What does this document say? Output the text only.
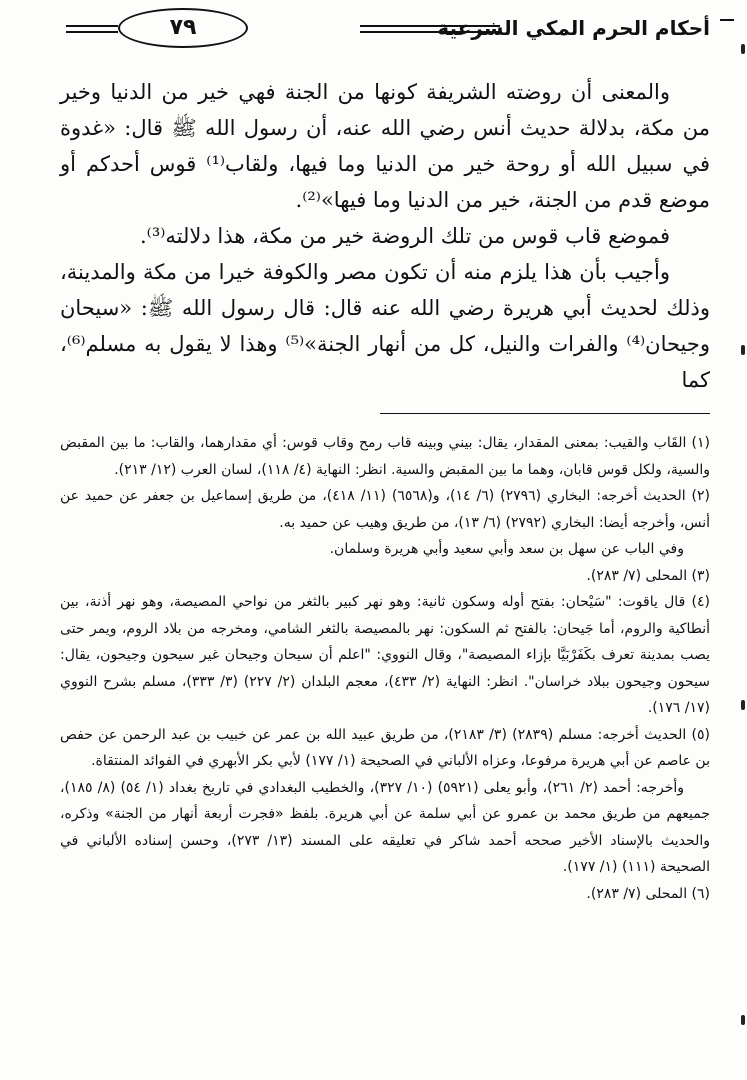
٧٩	أحكام الحرم المكي الشرعية

والمعنى أن روضته الشريفة كونها من الجنة فهي خير من الدنيا وخير من مكة، بدلالة حديث أنس رضي الله عنه، أن رسول الله ﷺ قال: «غدوة في سبيل الله أو روحة خير من الدنيا وما فيها، ولقاب⁽¹⁾ قوس أحدكم أو موضع قدم من الجنة، خير من الدنيا وما فيها»⁽²⁾.

فموضع قاب قوس من تلك الروضة خير من مكة، هذا دلالته⁽³⁾.

وأجيب بأن هذا يلزم منه أن تكون مصر والكوفة خيرا من مكة والمدينة، وذلك لحديث أبي هريرة رضي الله عنه قال: قال رسول الله ﷺ: «سيحان وجيحان⁽⁴⁾ والفرات والنيل، كل من أنهار الجنة»⁽⁵⁾ وهذا لا يقول به مسلم⁽⁶⁾، كما

(١) القَاب والقيب: بمعنى المقدار، يقال: بيني وبينه قاب رمح وقاب قوس: أي مقدارهما، والقاب: ما بين المقبض والسية، ولكل قوس قابان، وهما ما بين المقبض والسية. انظر: النهاية (٤/ ١١٨)، لسان العرب (١٢/ ٢١٣).

(٢) الحديث أخرجه: البخاري (٢٧٩٦) (٦/ ١٤)، و(٦٥٦٨) (١١/ ٤١٨)، من طريق إسماعيل بن جعفر عن حميد عن أنس، وأخرجه أيضا: البخاري (٢٧٩٢) (٦/ ١٣)، من طريق وهيب عن حميد به.

وفي الباب عن سهل بن سعد وأبي سعيد وأبي هريرة وسلمان.

(٣) المحلى (٧/ ٢٨٣).

(٤) قال ياقوت: "سَيْحان: بفتح أوله وسكون ثانية: وهو نهر كبير بالثغر من نواحي المصيصة، وهو نهر أذنة، بين أنطاكية والروم، أما جَيحان: بالفتح ثم السكون: نهر بالمصيصة بالثغر الشامي، ومخرجه من بلاد الروم، ويمر حتى يصب بمدينة تعرف بكَفَرْبَيَّا بإزاء المصيصة"، وقال النووي: "اعلم أن سيحان وجيحان غير سيحون وجيحون، يقال: سيحون وجيحون ببلاد خراسان". انظر: النهاية (٢/ ٤٣٣)، معجم البلدان (٢/ ٢٢٧) (٣/ ٣٣٣)، مسلم بشرح النووي (١٧/ ١٧٦).

(٥) الحديث أخرجه: مسلم (٢٨٣٩) (٣/ ٢١٨٣)، من طريق عبيد الله بن عمر عن خبيب بن عبد الرحمن عن حفص بن عاصم عن أبي هريرة مرفوعا، وعزاه الألباني في الصحيحة (١/ ١٧٧) لأبي بكر الأبهري في الفوائد المنتقاة.

وأخرجه: أحمد (٢/ ٢٦١)، وأبو يعلى (٥٩٢١) (١٠/ ٣٢٧)، والخطيب البغدادي في تاريخ بغداد (١/ ٥٤) (٨/ ١٨٥)، جميعهم من طريق محمد بن عمرو عن أبي سلمة عن أبي هريرة. بلفظ «فجرت أربعة أنهار من الجنة» وذكره، والحديث بالإسناد الأخير صححه أحمد شاكر في تعليقه على المسند (١٣/ ٢٧٣)، وحسن إسناده الألباني في الصحيحة (١١١) (١/ ١٧٧).

(٦) المحلى (٧/ ٢٨٣).
